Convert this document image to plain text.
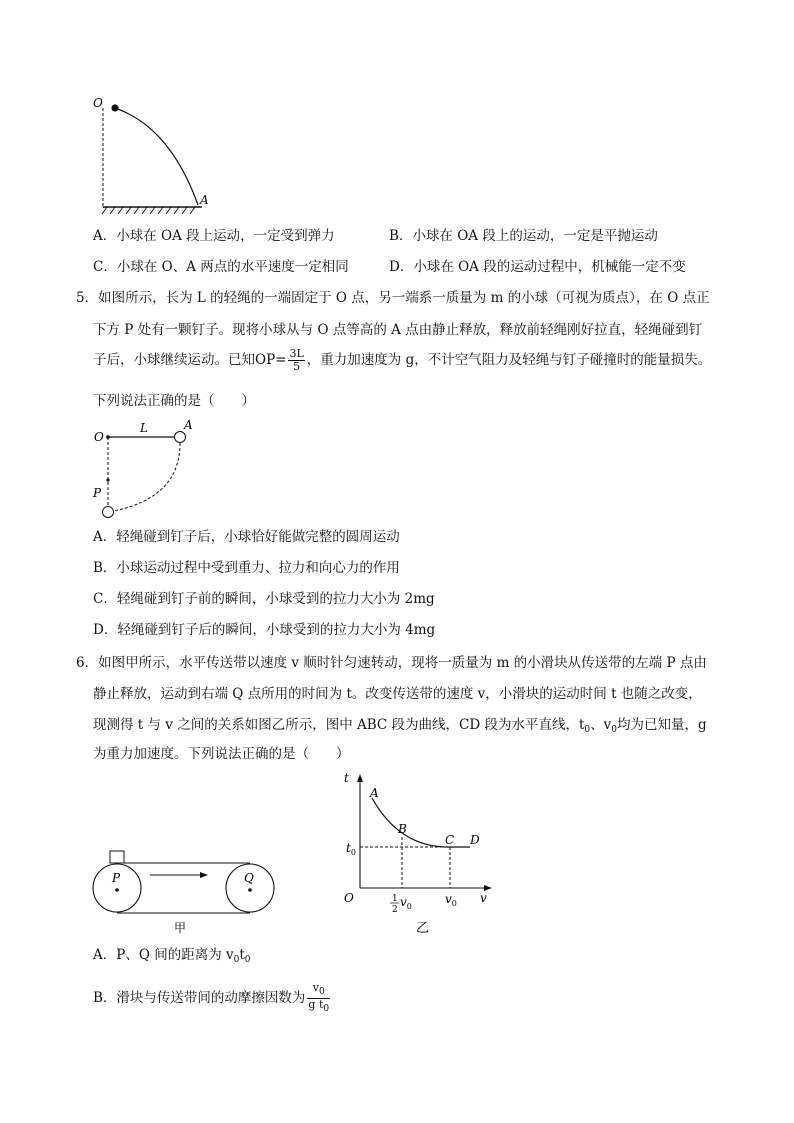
O
A
A．小球在 OA 段上运动，一定受到弹力	B．小球在 OA 段上的运动，一定是平抛运动
C．小球在 O、A 两点的水平速度一定相同	D．小球在 OA 段的运动过程中，机械能一定不变
5．如图所示，长为 L 的轻绳的一端固定于 O 点，另一端系一质量为 m 的小球（可视为质点），在 O 点正
下方 P 处有一颗钉子。现将小球从与 O 点等高的 A 点由静止释放，释放前轻绳刚好拉直，轻绳碰到钉
子后，小球继续运动。已知$OP= \frac{3L}{5}$ ，重力加速度为 g，不计空气阻力及轻绳与钉子碰撞时的能量损失。
下列说法正确的是（　　）
O
L	A
P
A．轻绳碰到钉子后，小球恰好能做完整的圆周运动
B．小球运动过程中受到重力、拉力和向心力的作用
C．轻绳碰到钉子前的瞬间，小球受到的拉力大小为 2mg
D．轻绳碰到钉子后的瞬间，小球受到的拉力大小为 4mg
6．如图甲所示，水平传送带以速度 v 顺时针匀速转动，现将一质量为 m 的小滑块从传送带的左端 P 点由
静止释放，运动到右端 Q 点所用的时间为 t。改变传送带的速度 v，小滑块的运动时间 t 也随之改变，
现测得 t 与 v 之间的关系如图乙所示，图中 ABC 段为曲线，CD 段为水平直线，$t_0$、$v_0$均为已知量，g
为重力加速度。下列说法正确的是（　　）
P	Q
甲
t
A
B
C D
$t_0$
O	1
2
$v_0$
$v_0$ v
乙
A．P、Q 间的距离为 $v_0t_0$
B．滑块与传送带间的动摩擦因数为 $\frac{v_0}{g t_0}$
